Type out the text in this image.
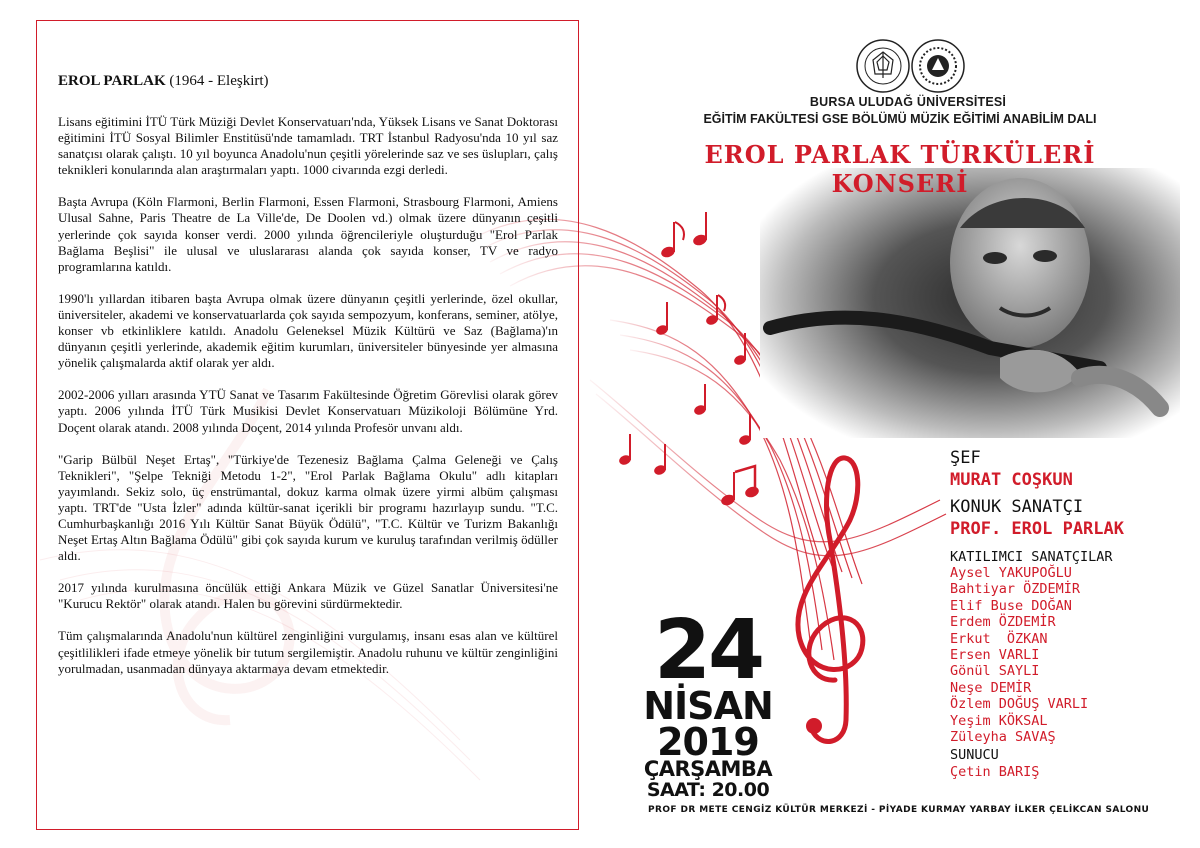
EROL PARLAK (1964 - Eleşkirt)

Lisans eğitimini İTÜ Türk Müziği Devlet Konservatuarı'nda, Yüksek Lisans ve Sanat Doktorası eğitimini İTÜ Sosyal Bilimler Enstitüsü'nde tamamladı. TRT İstanbul Radyosu'nda 10 yıl saz sanatçısı olarak çalıştı. 10 yıl boyunca Anadolu'nun çeşitli yörelerinde saz ve ses üslupları, çalış teknikleri konularında alan araştırmaları yaptı. 1000 civarında ezgi derledi.

Başta Avrupa (Köln Flarmoni, Berlin Flarmoni, Essen Flarmoni, Strasbourg Flarmoni, Amiens Ulusal Sahne, Paris Theatre de La Ville'de, De Doolen vd.) olmak üzere dünyanın çeşitli yerlerinde çok sayıda konser verdi. 2000 yılında öğrencileriyle oluşturduğu "Erol Parlak Bağlama Beşlisi" ile ulusal ve uluslararası alanda çok sayıda konser, TV ve radyo programlarına katıldı.

1990'lı yıllardan itibaren başta Avrupa olmak üzere dünyanın çeşitli yerlerinde, özel okullar, üniversiteler, akademi ve konservatuarlarda çok sayıda sempozyum, konferans, seminer, atölye, konser vb etkinliklere katıldı. Anadolu Geleneksel Müzik Kültürü ve Saz (Bağlama)'ın dünyanın çeşitli yerlerinde, akademik eğitim kurumları, üniversiteler bünyesinde yer almasına yönelik çalışmalarda aktif olarak yer aldı.

2002-2006 yılları arasında YTÜ Sanat ve Tasarım Fakültesinde Öğretim Görevlisi olarak görev yaptı. 2006 yılında İTÜ Türk Musikisi Devlet Konservatuarı Müzikoloji Bölümüne Yrd. Doçent olarak atandı. 2008 yılında Doçent, 2014 yılında Profesör unvanı aldı.

"Garip Bülbül Neşet Ertaş", "Türkiye'de Tezenesiz Bağlama Çalma Geleneği ve Çalış Teknikleri", "Şelpe Tekniği Metodu 1-2", "Erol Parlak Bağlama Okulu" adlı kitapları yayımlandı. Sekiz solo, üç enstrümantal, dokuz karma olmak üzere yirmi albüm çalışması yaptı. TRT'de "Usta İzler" adında kültür-sanat içerikli bir programı hazırlayıp sundu. "T.C. Cumhurbaşkanlığı 2016 Yılı Kültür Sanat Büyük Ödülü", "T.C. Kültür ve Turizm Bakanlığı Neşet Ertaş Altın Bağlama Ödülü" gibi çok sayıda kurum ve kuruluş tarafından verilmiş ödüller aldı.

2017 yılında kurulmasına öncülük ettiği Ankara Müzik ve Güzel Sanatlar Üniversitesi'ne "Kurucu Rektör" olarak atandı. Halen bu görevini sürdürmektedir.

Tüm çalışmalarında Anadolu'nun kültürel zenginliğini vurgulamış, insanı esas alan ve kültürel çeşitlilikleri ifade etmeye yönelik bir tutum sergilemiştir. Anadolu ruhunu ve kültür zenginliğini yorulmadan, usanmadan dünyaya aktarmaya devam etmektedir.

BURSA ULUDAĞ ÜNİVERSİTESİ
EĞİTİM FAKÜLTESİ GSE BÖLÜMÜ MÜZİK EĞİTİMİ ANABİLİM DALI
EROL PARLAK TÜRKÜLERİ KONSERİ
ŞEF
MURAT COŞKUN
KONUK SANATÇI
PROF. EROL PARLAK
KATILIMCI SANATÇILAR
Aysel YAKUPOĞLU
Bahtiyar ÖZDEMİR
Elif Buse DOĞAN
Erdem ÖZDEMİR
Erkut  ÖZKAN
Ersen VARLI
Gönül SAYLI
Neşe DEMİR
Özlem DOĞUŞ VARLI
Yeşim KÖKSAL
Züleyha SAVAŞ
SUNUCU
Çetin BARIŞ
24
NİSAN
2019
ÇARŞAMBA
SAAT: 20.00
PROF DR METE CENGİZ KÜLTÜR MERKEZİ - PİYADE KURMAY YARBAY İLKER ÇELİKCAN SALONU
